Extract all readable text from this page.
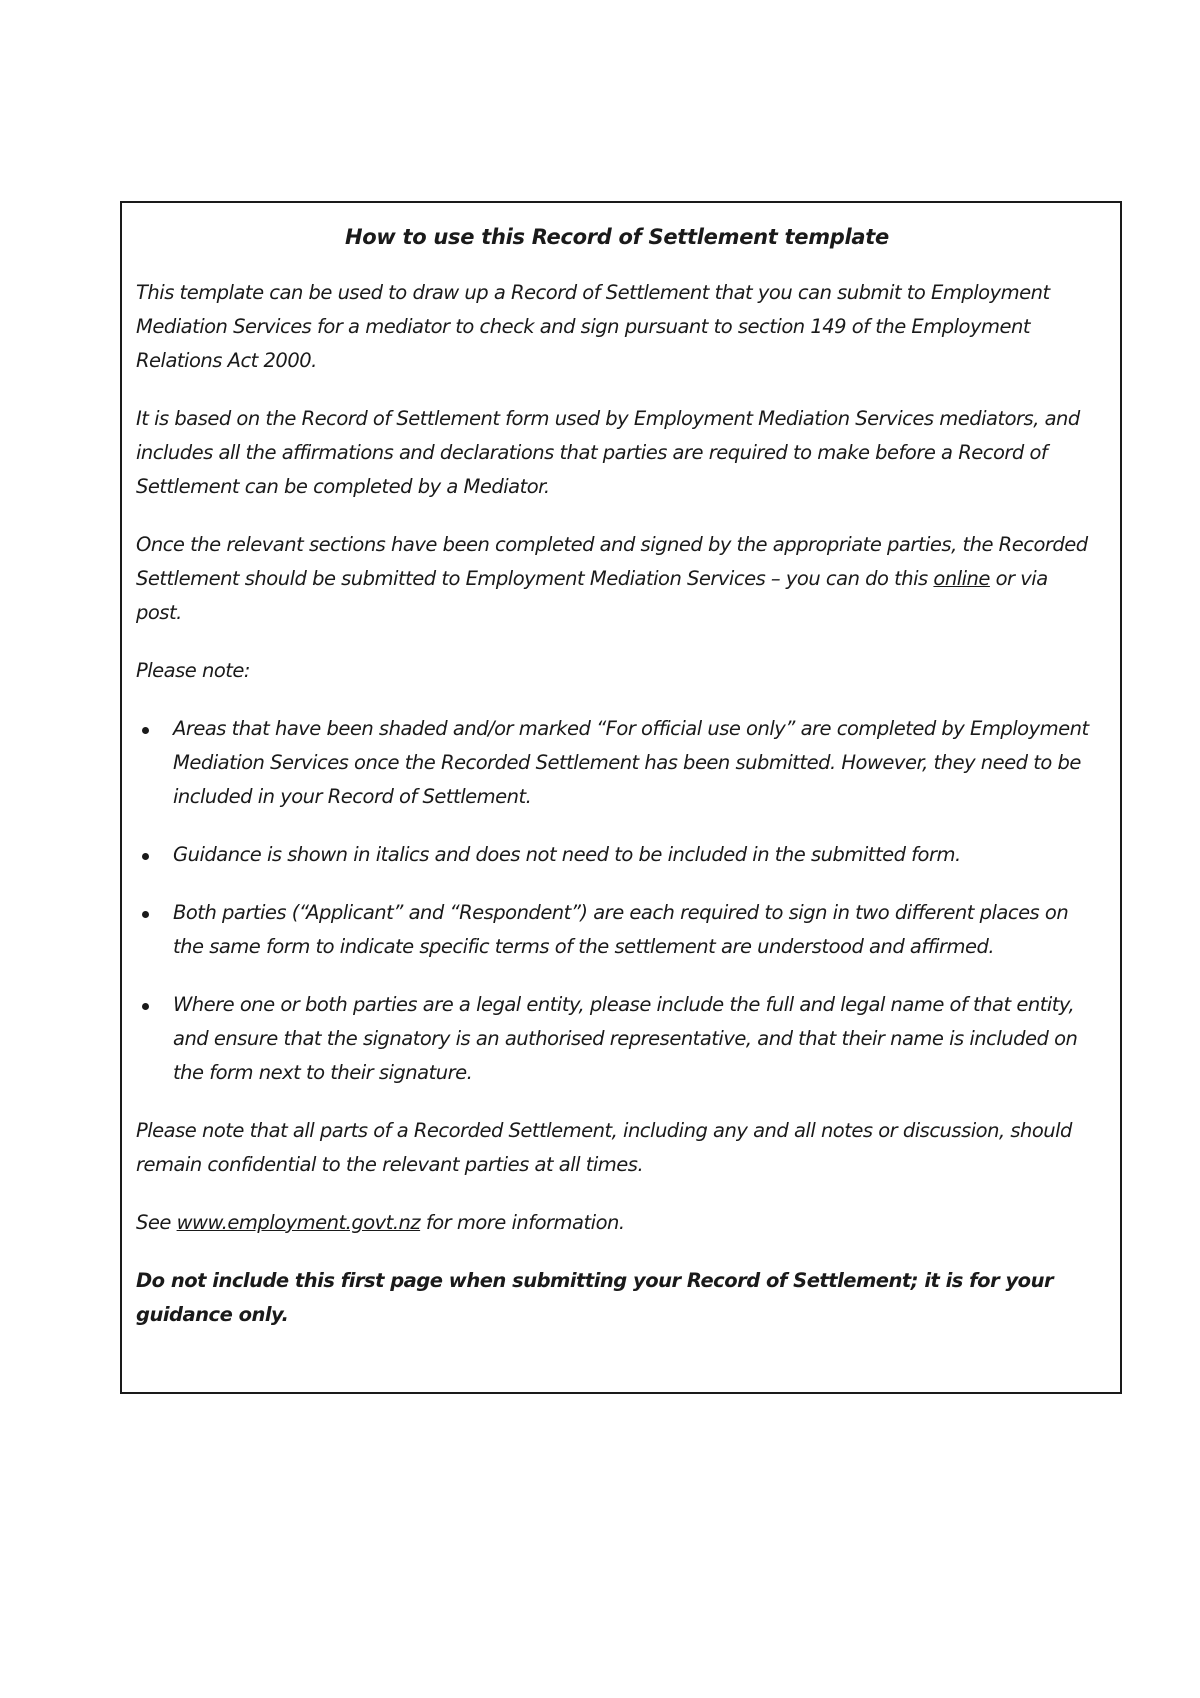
How to use this Record of Settlement template

This template can be used to draw up a Record of Settlement that you can submit to Employment Mediation Services for a mediator to check and sign pursuant to section 149 of the Employment Relations Act 2000.

It is based on the Record of Settlement form used by Employment Mediation Services mediators, and includes all the affirmations and declarations that parties are required to make before a Record of Settlement can be completed by a Mediator.

Once the relevant sections have been completed and signed by the appropriate parties, the Recorded Settlement should be submitted to Employment Mediation Services – you can do this online or via post.

Please note:

Areas that have been shaded and/or marked “For official use only” are completed by Employment Mediation Services once the Recorded Settlement has been submitted. However, they need to be included in your Record of Settlement.
Guidance is shown in italics and does not need to be included in the submitted form.
Both parties (“Applicant” and “Respondent”) are each required to sign in two different places on the same form to indicate specific terms of the settlement are understood and affirmed.
Where one or both parties are a legal entity, please include the full and legal name of that entity, and ensure that the signatory is an authorised representative, and that their name is included on the form next to their signature.

Please note that all parts of a Recorded Settlement, including any and all notes or discussion, should remain confidential to the relevant parties at all times.

See www.employment.govt.nz for more information.

Do not include this first page when submitting your Record of Settlement; it is for your guidance only.
